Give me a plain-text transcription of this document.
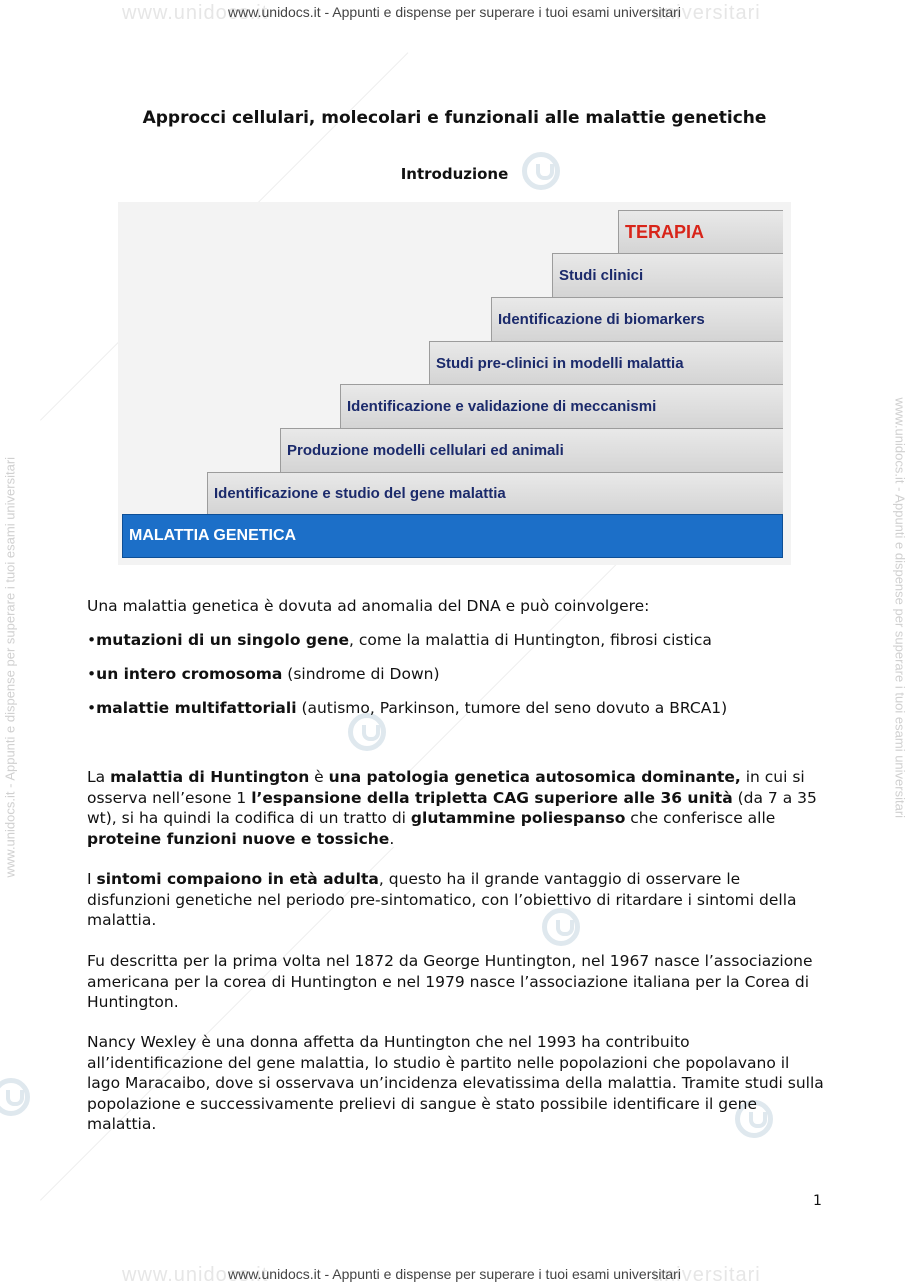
www.unidocs.it	universitari
www.unidocs.it	universitari
www.unidocs.it - Appunti e dispense per superare i tuoi esami universitari	www.unidocs.it - Appunti e dispense per superare i tuoi esami universitari
www.unidocs.it - Appunti e dispense per superare i tuoi esami universitari
Approcci cellulari, molecolari e funzionali alle malattie genetiche
Introduzione
TERAPIA
Studi clinici
Identificazione di biomarkers
Studi pre-clinici in modelli malattia
Identificazione e validazione di meccanismi
Produzione modelli cellulari ed animali
Identificazione e studio del gene malattia
MALATTIA GENETICA
Una malattia genetica è dovuta ad anomalia del DNA e può coinvolgere:
•mutazioni di un singolo gene, come la malattia di Huntington, fibrosi cistica
•un intero cromosoma (sindrome di Down)
•malattie multifattoriali (autismo, Parkinson, tumore del seno dovuto a BRCA1)
La malattia di Huntington è una patologia genetica autosomica dominante, in cui si osserva nell’esone 1 l’espansione della tripletta CAG superiore alle 36 unità (da 7 a 35 wt), si ha quindi la codifica di un tratto di glutammine poliespanso che conferisce alle proteine funzioni nuove e tossiche.
I sintomi compaiono in età adulta, questo ha il grande vantaggio di osservare le disfunzioni genetiche nel periodo pre-sintomatico, con l’obiettivo di ritardare i sintomi della malattia.
Fu descritta per la prima volta nel 1872 da George Huntington, nel 1967 nasce l’associazione americana per la corea di Huntington e nel 1979 nasce l’associazione italiana per la Corea di Huntington.
Nancy Wexley è una donna affetta da Huntington che nel 1993 ha contribuito all’identificazione del gene malattia, lo studio è partito nelle popolazioni che popolavano il lago Maracaibo, dove si osservava un’incidenza elevatissima della malattia. Tramite studi sulla popolazione e successivamente prelievi di sangue è stato possibile identificare il gene malattia.
1
www.unidocs.it - Appunti e dispense per superare i tuoi esami universitari
